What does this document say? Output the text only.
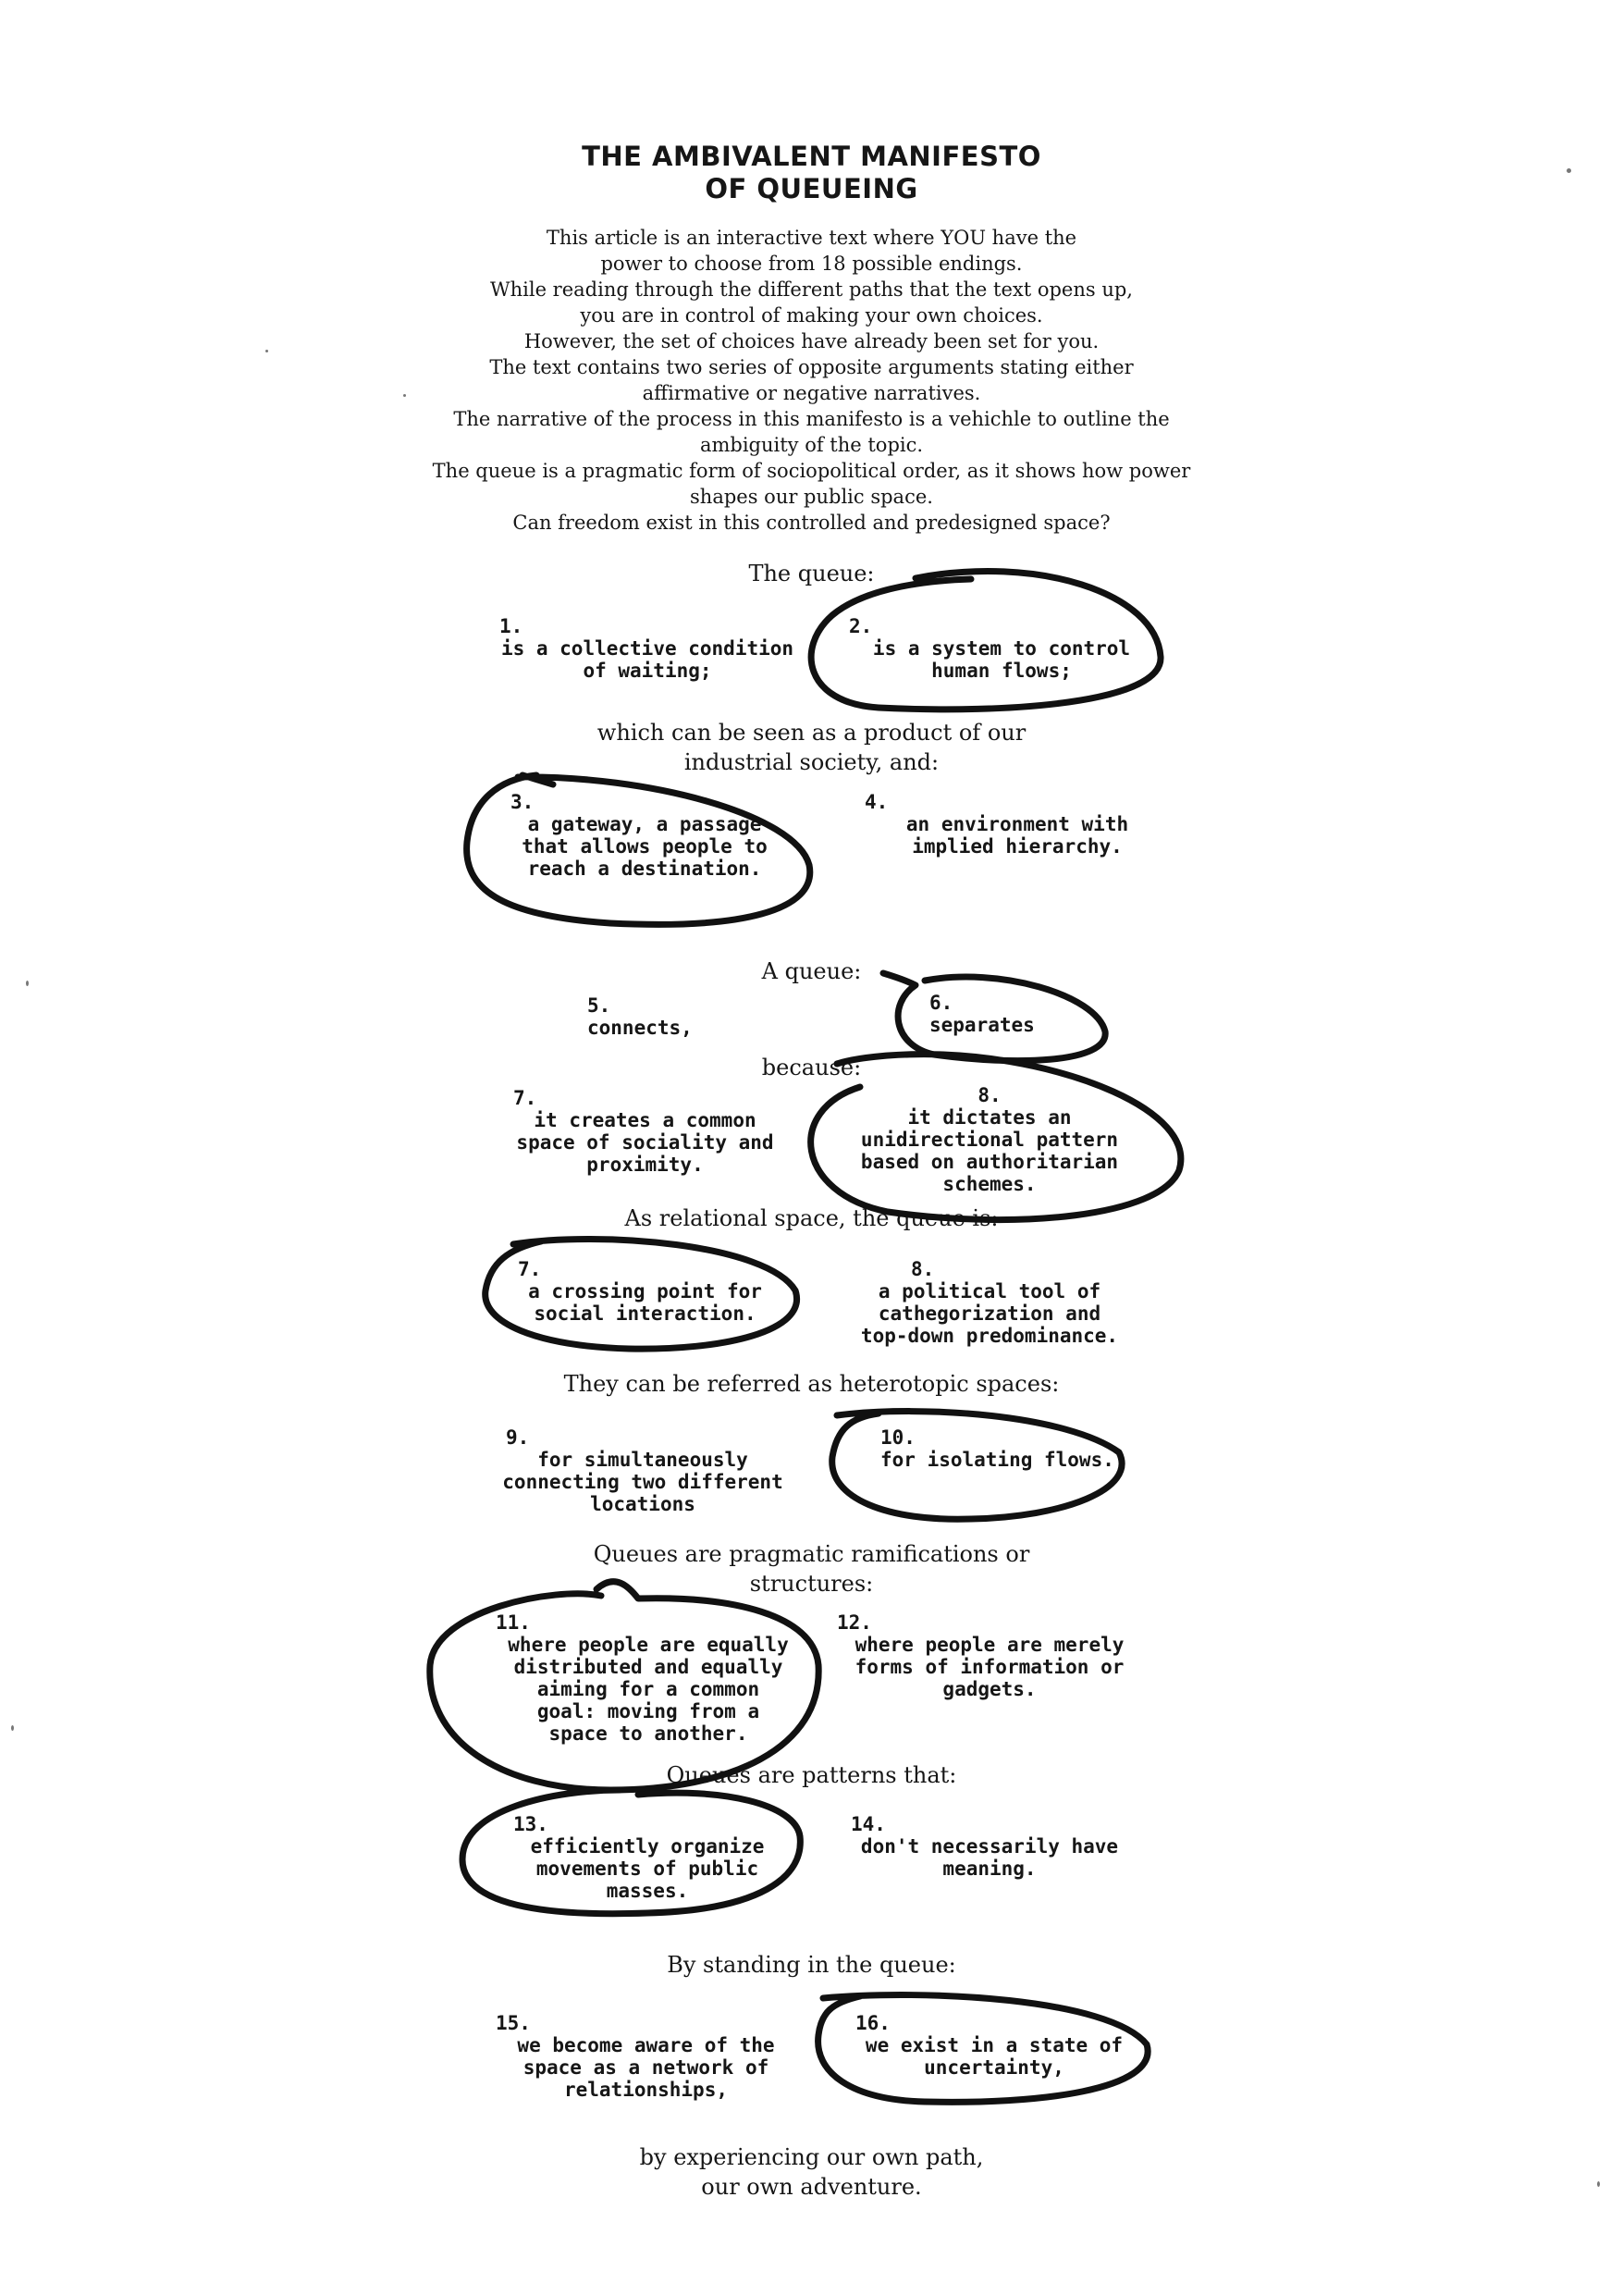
THE AMBIVALENT MANIFESTO
OF QUEUEING
This article is an interactive text where YOU have the
power to choose from 18 possible endings.
While reading through the different paths that the text opens up,
you are in control of making your own choices.
However, the set of choices have already been set for you.
The text contains two series of opposite arguments stating either
affirmative or negative narratives.
The narrative of the process in this manifesto is a vehichle to outline the
ambiguity of the topic.
The queue is a pragmatic form of sociopolitical order, as it shows how power
shapes our public space.
Can freedom exist in this controlled and predesigned space?
The queue:
1.
is a collective condition
of waiting;
2.
is a system to control
human flows;
which can be seen as a product of our
industrial society, and:
3.
a gateway, a passage
that allows people to
reach a destination.
4.
an environment with
implied hierarchy.
A queue:
5.
connects,
6.
separates
because:
7.
it creates a common
space of sociality and
proximity.
8.
it dictates an
unidirectional pattern
based on authoritarian
schemes.
As relational space, the queue is:
7.
a crossing point for
social interaction.
8.
a political tool of
cathegorization and
top-down predominance.
They can be referred as heterotopic spaces:
9.
for simultaneously
connecting two different
locations
10.
for isolating flows.
Queues are pragmatic ramifications or
structures:
11.
where people are equally
distributed and equally
aiming for a common
goal: moving from a
space to another.
12.
where people are merely
forms of information or
gadgets.
Queues are patterns that:
13.
efficiently organize
movements of public
masses.
14.
don't necessarily have
meaning.
By standing in the queue:
15.
we become aware of the
space as a network of
relationships,
16.
we exist in a state of
uncertainty,
by experiencing our own path,
our own adventure.
